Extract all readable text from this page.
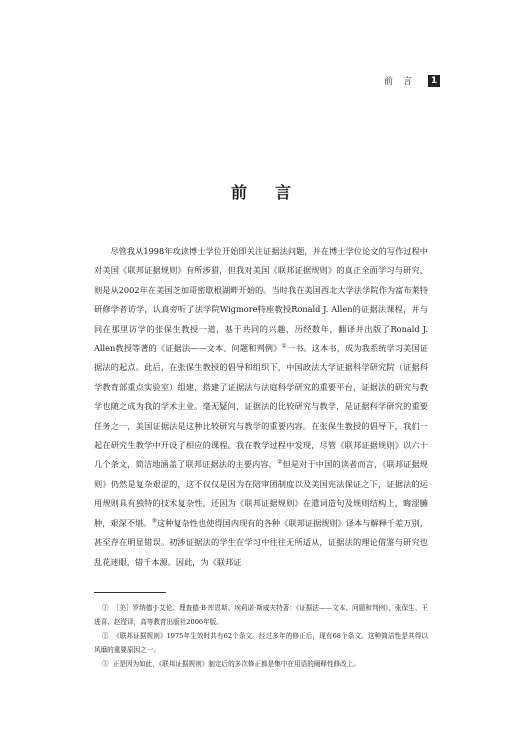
前言 1
前言

尽管我从1998年攻读博士学位开始即关注证据法问题，并在博士学位论文的写作过程中对美国《联邦证据规则》有所涉猎，但我对美国《联邦证据规则》的真正全面学习与研究，则是从2002年在美国芝加哥密歇根湖畔开始的。当时我在美国西北大学法学院作为富布莱特研修学者访学，认真旁听了法学院Wigmore特座教授Ronald J. Allen的证据法课程，并与同在那里访学的张保生教授一道，基于共同的兴趣，历经数年，翻译并出版了Ronald J. Allen教授等著的《证据法——文本、问题和判例》①一书。这本书，成为我系统学习美国证据法的起点。此后，在张保生教授的倡导和组织下，中国政法大学证据科学研究院（证据科学教育部重点实验室）组建，搭建了证据法与法庭科学研究的重要平台，证据法的研究与教学也随之成为我的学术主业。毫无疑问，证据法的比较研究与教学，是证据科学研究的重要任务之一，美国证据法是这种比较研究与教学的重要内容。在张保生教授的倡导下，我们一起在研究生教学中开设了相应的课程。我在教学过程中发现，尽管《联邦证据规则》以六十几个条文，简洁地涵盖了联邦证据法的主要内容，②但是对于中国的读者而言，《联邦证据规则》仍然是复杂艰涩的，这不仅仅是因为在陪审团制度以及美国宪法保证之下，证据法的运用规则具有独特的技术复杂性，还因为《联邦证据规则》在遣词造句及规则结构上，晦涩臃肿，艰深不堪。③这种复杂性也使得国内现有的各种《联邦证据规则》译本与解释千差万别，甚至存在明显错误。初涉证据法的学生在学习中往往无所适从，证据法的理论借鉴与研究也乱花迷眼，错千本源。因此，为《联邦证

① ［美］罗纳德·J·艾伦、理查德·B·库恩斯、埃莉诺·斯威夫特著：《证据法——文本、问题和判例》，张保生、王进喜、赵滢译，高等教育出版社2006年版。
② 《联邦证据规则》1975年生效时共有62个条文。经过多年的修正后，现有68个条文。这种简洁性是其得以风靡的重要原因之一。
③ 正是因为如此，《联邦证据规则》制定后的多次修正都是集中在用语的阐释性修改上。
